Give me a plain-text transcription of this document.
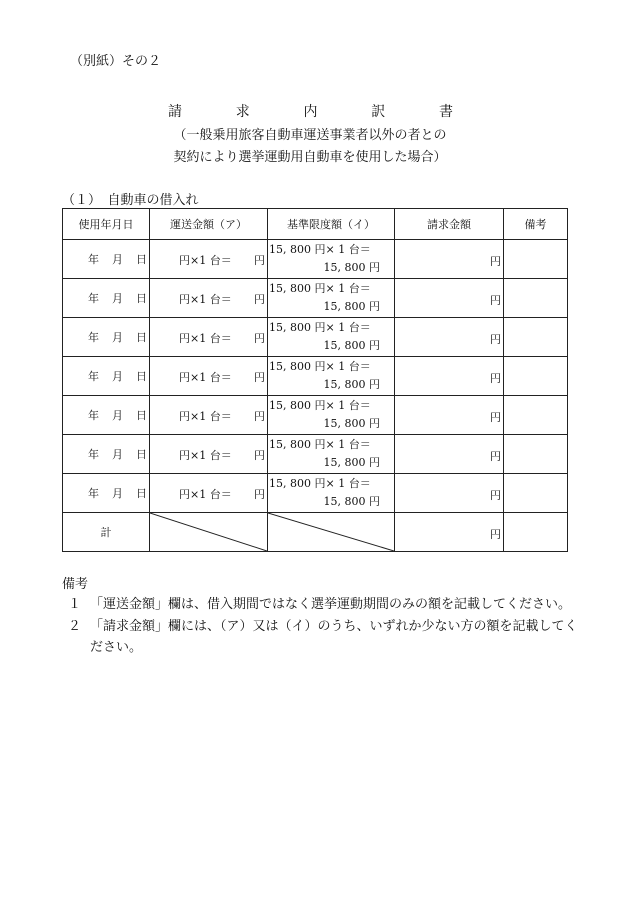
（別紙）その２
請	求	内	訳	書
（一般乗用旅客自動車運送事業者以外の者との
契約により選挙運動用自動車を使用した場合）
（１）　自動車の借入れ
使用年月日	運送金額（ア）	基準限度額（イ）	請求金額	備考

年 月 日	円×1 台＝ 円	15, 800 円× 1 台＝
15, 800 円	円	

年 月 日	円×1 台＝ 円	15, 800 円× 1 台＝
15, 800 円	円	

年 月 日	円×1 台＝ 円	15, 800 円× 1 台＝
15, 800 円	円	

年 月 日	円×1 台＝ 円	15, 800 円× 1 台＝
15, 800 円	円	

年 月 日	円×1 台＝ 円	15, 800 円× 1 台＝
15, 800 円	円	

年 月 日	円×1 台＝ 円	15, 800 円× 1 台＝
15, 800 円	円	

年 月 日	円×1 台＝ 円	15, 800 円× 1 台＝
15, 800 円	円	
計			円	
備考
１ 「運送金額」欄は、借入期間ではなく選挙運動期間のみの額を記載してください。
２ 「請求金額」欄には、（ア）又は（イ）のうち、いずれか少ない方の額を記載してください。
